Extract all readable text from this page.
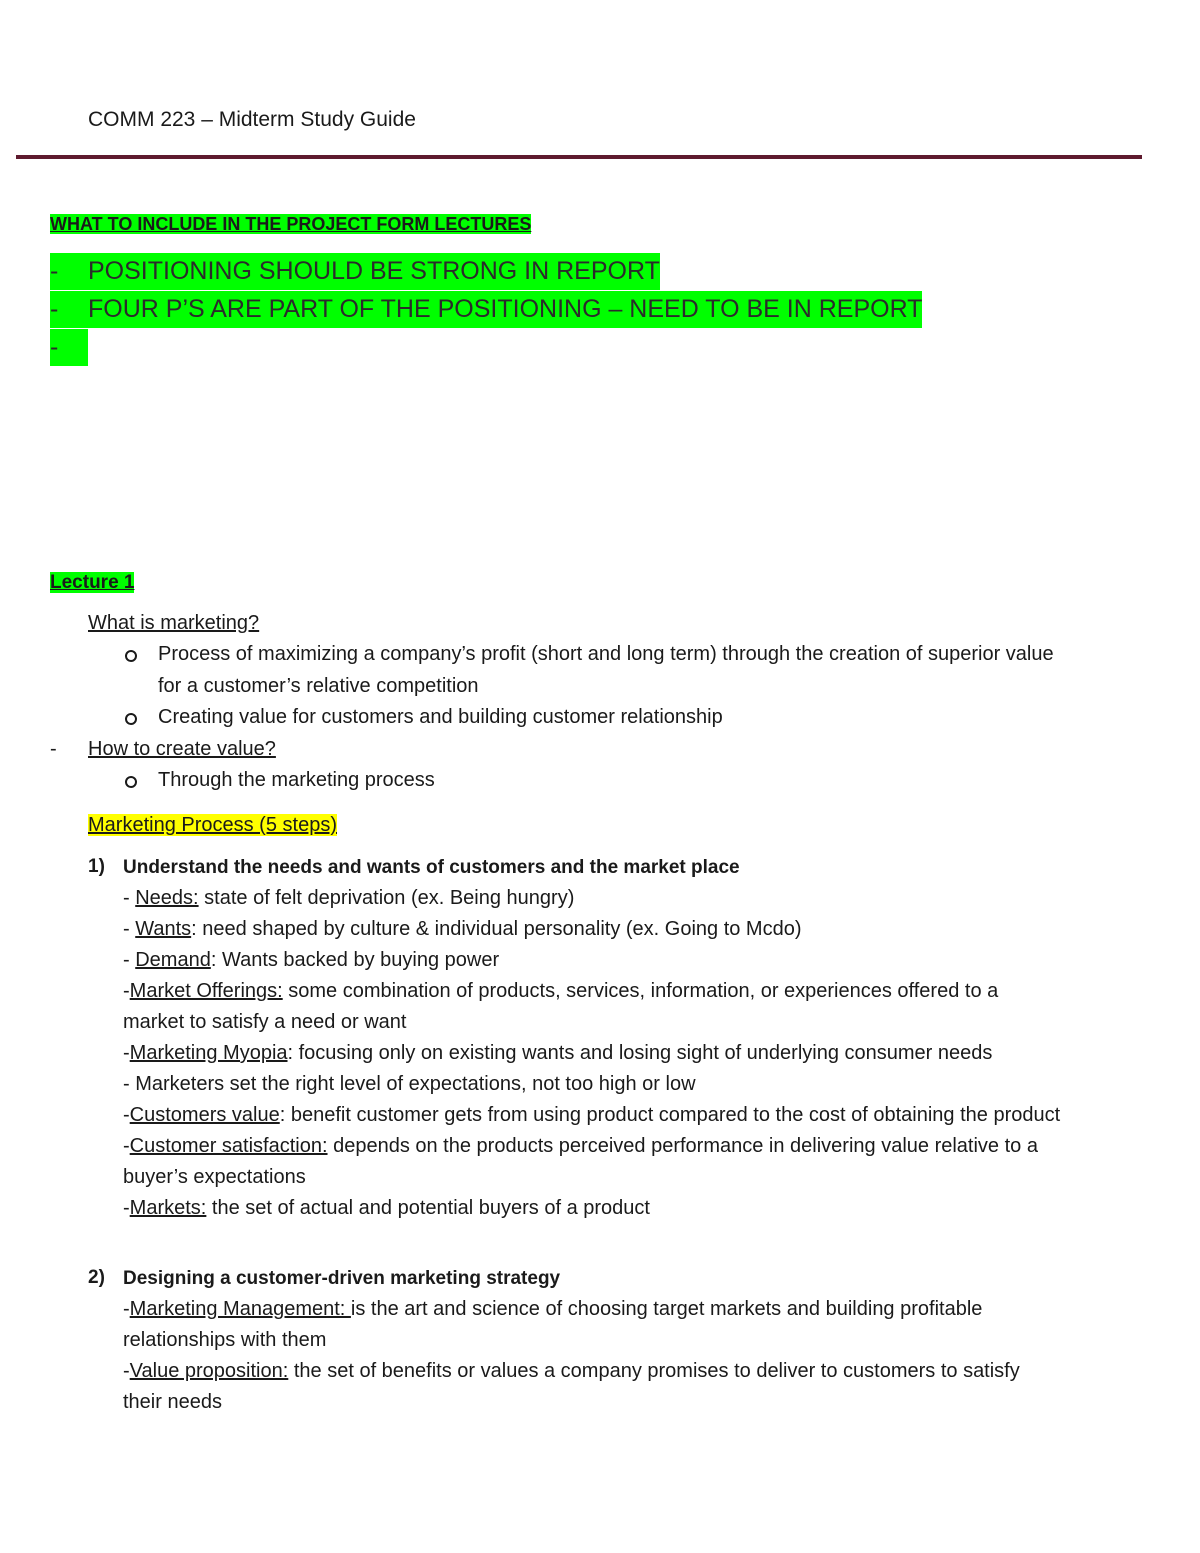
COMM 223 – Midterm Study Guide
WHAT TO INCLUDE IN THE PROJECT FORM LECTURES
- POSITIONING SHOULD BE STRONG IN REPORT
- FOUR P’S ARE PART OF THE POSITIONING – NEED TO BE IN REPORT
-
Lecture 1
What is marketing?
Process of maximizing a company’s profit (short and long term) through the creation of superior value
for a customer’s relative competition
Creating value for customers and building customer relationship
- How to create value?
Through the marketing process
Marketing Process (5 steps)
1) Understand the needs and wants of customers and the market place
- Needs: state of felt deprivation (ex. Being hungry)
- Wants: need shaped by culture & individual personality (ex. Going to Mcdo)
- Demand: Wants backed by buying power
-Market Offerings: some combination of products, services, information, or experiences offered to a
market to satisfy a need or want
-Marketing Myopia: focusing only on existing wants and losing sight of underlying consumer needs
- Marketers set the right level of expectations, not too high or low
-Customers value: benefit customer gets from using product compared to the cost of obtaining the product
-Customer satisfaction: depends on the products perceived performance in delivering value relative to a
buyer’s expectations
-Markets: the set of actual and potential buyers of a product
2) Designing a customer-driven marketing strategy
-Marketing Management: is the art and science of choosing target markets and building profitable
relationships with them
-Value proposition: the set of benefits or values a company promises to deliver to customers to satisfy
their needs
